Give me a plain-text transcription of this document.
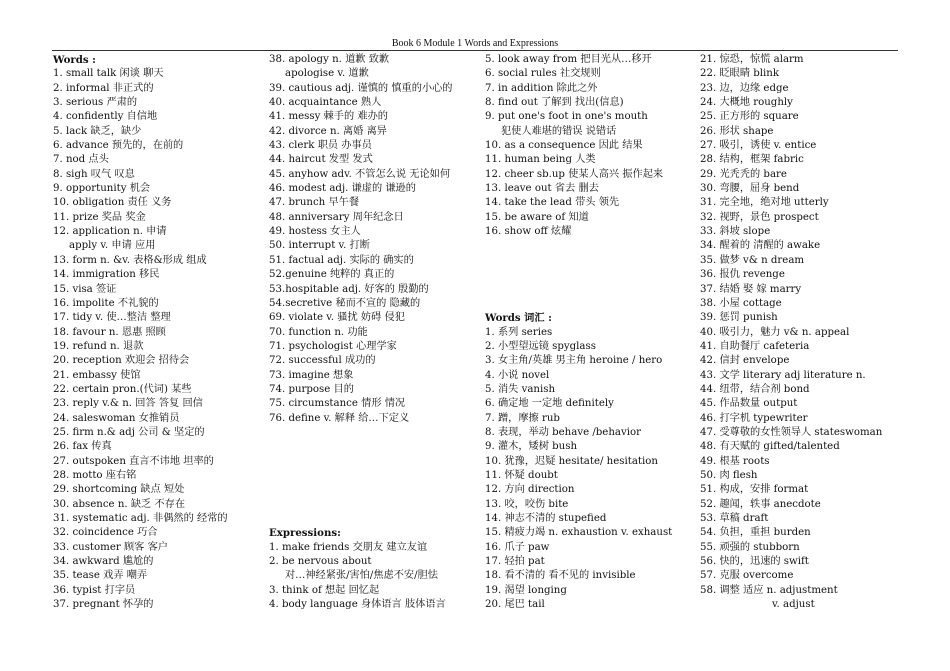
Book 6 Module 1 Words and Expressions
Words :
1. small talk 闲谈 聊天
2. informal 非正式的
3. serious 严肃的
4. confidently 自信地
5. lack 缺乏，缺少
6. advance 预先的，在前的
7. nod 点头
8. sigh 叹气 叹息
9. opportunity 机会
10. obligation 责任 义务
11. prize 奖品 奖金
12. application n. 申请
apply v. 申请 应用
13. form n. &v. 表格&形成 组成
14. immigration 移民
15. visa 签证
16. impolite 不礼貌的
17. tidy v. 使…整洁 整理
18. favour n. 恩惠 照顾
19. refund n. 退款
20. reception 欢迎会 招待会
21. embassy 使馆
22. certain pron.(代词) 某些
23. reply v.& n. 回答 答复 回信
24. saleswoman 女推销员
25. firm n.& adj 公司 & 坚定的
26. fax 传真
27. outspoken 直言不讳地 坦率的
28. motto 座右铭
29. shortcoming 缺点 短处
30. absence n. 缺乏 不存在
31. systematic adj. 非偶然的 经常的
32. coincidence 巧合
33. customer 顾客 客户
34. awkward 尴尬的
35. tease 戏弄 嘲弄
36. typist 打字员
37. pregnant 怀孕的
38. apology n. 道歉 致歉
apologise v. 道歉
39. cautious adj. 谨慎的 慎重的小心的
40. acquaintance 熟人
41. messy 棘手的 难办的
42. divorce n. 离婚 离异
43. clerk 职员 办事员
44. haircut 发型 发式
45. anyhow adv. 不管怎么说 无论如何
46. modest adj. 谦虚的 谦逊的
47. brunch 早午餐
48. anniversary 周年纪念日
49. hostess 女主人
50. interrupt v. 打断
51. factual adj. 实际的 确实的
52.genuine 纯粹的 真正的
53.hospitable adj. 好客的 殷勤的
54.secretive 秘而不宣的 隐藏的
69. violate v. 骚扰 妨碍 侵犯
70. function n. 功能
71. psychologist 心理学家
72. successful 成功的
73. imagine 想象
74. purpose 目的
75. circumstance 情形 情况
76. define v. 解释 给…下定义
Expressions:
1. make friends 交朋友 建立友谊
2. be nervous about
对…神经紧张/害怕/焦虑不安/胆怯
3. think of 想起 回忆起
4. body language 身体语言 肢体语言
5. look away from 把目光从…移开
6. social rules 社交规则
7. in addition 除此之外
8. find out 了解到 找出(信息)
9. put one's foot in one's mouth
犯使人难堪的错误 说错话
10. as a consequence 因此 结果
11. human being 人类
12. cheer sb.up 使某人高兴 振作起来
13. leave out 省去 删去
14. take the lead 带头 领先
15. be aware of 知道
16. show off 炫耀
Words 词汇 :
1. 系列 series
2. 小型望远镜 spyglass
3. 女主角/英雄 男主角 heroine / hero
4. 小说 novel
5. 消失 vanish
6. 确定地 一定地 definitely
7. 蹭，摩擦 rub
8. 表现，举动 behave /behavior
9. 灌木，矮树 bush
10. 犹豫，迟疑 hesitate/ hesitation
11. 怀疑 doubt
12. 方向 direction
13. 咬，咬伤 bite
14. 神志不清的 stupefied
15. 精疲力竭 n. exhaustion v. exhaust
16. 爪子 paw
17. 轻拍 pat
18. 看不清的 看不见的 invisible
19. 渴望 longing
20. 尾巴 tail
21. 惊恐，惊慌 alarm
22. 眨眼睛 blink
23. 边，边缘 edge
24. 大概地 roughly
25. 正方形的 square
26. 形状 shape
27. 吸引，诱使 v. entice
28. 结构，框架 fabric
29. 光秃秃的 bare
30. 弯腰，屈身 bend
31. 完全地，绝对地 utterly
32. 视野，景色 prospect
33. 斜坡 slope
34. 醒着的 清醒的 awake
35. 做梦 v& n dream
36. 报仇 revenge
37. 结婚 娶 嫁 marry
38. 小屋 cottage
39. 惩罚 punish
40. 吸引力，魅力 v& n. appeal
41. 自助餐厅 cafeteria
42. 信封 envelope
43. 文学 literary adj literature n.
44. 纽带，结合剂 bond
45. 作品数量 output
46. 打字机 typewriter
47. 受尊敬的女性领导人 stateswoman
48. 有天赋的 gifted/talented
49. 根基 roots
50. 肉 flesh
51. 构成，安排 format
52. 趣闻，轶事 anecdote
53. 草稿 draft
54. 负担，重担 burden
55. 顽强的 stubborn
56. 快的，迅速的 swift
57. 克服 overcome
58. 调整 适应 n. adjustment
v. adjust
